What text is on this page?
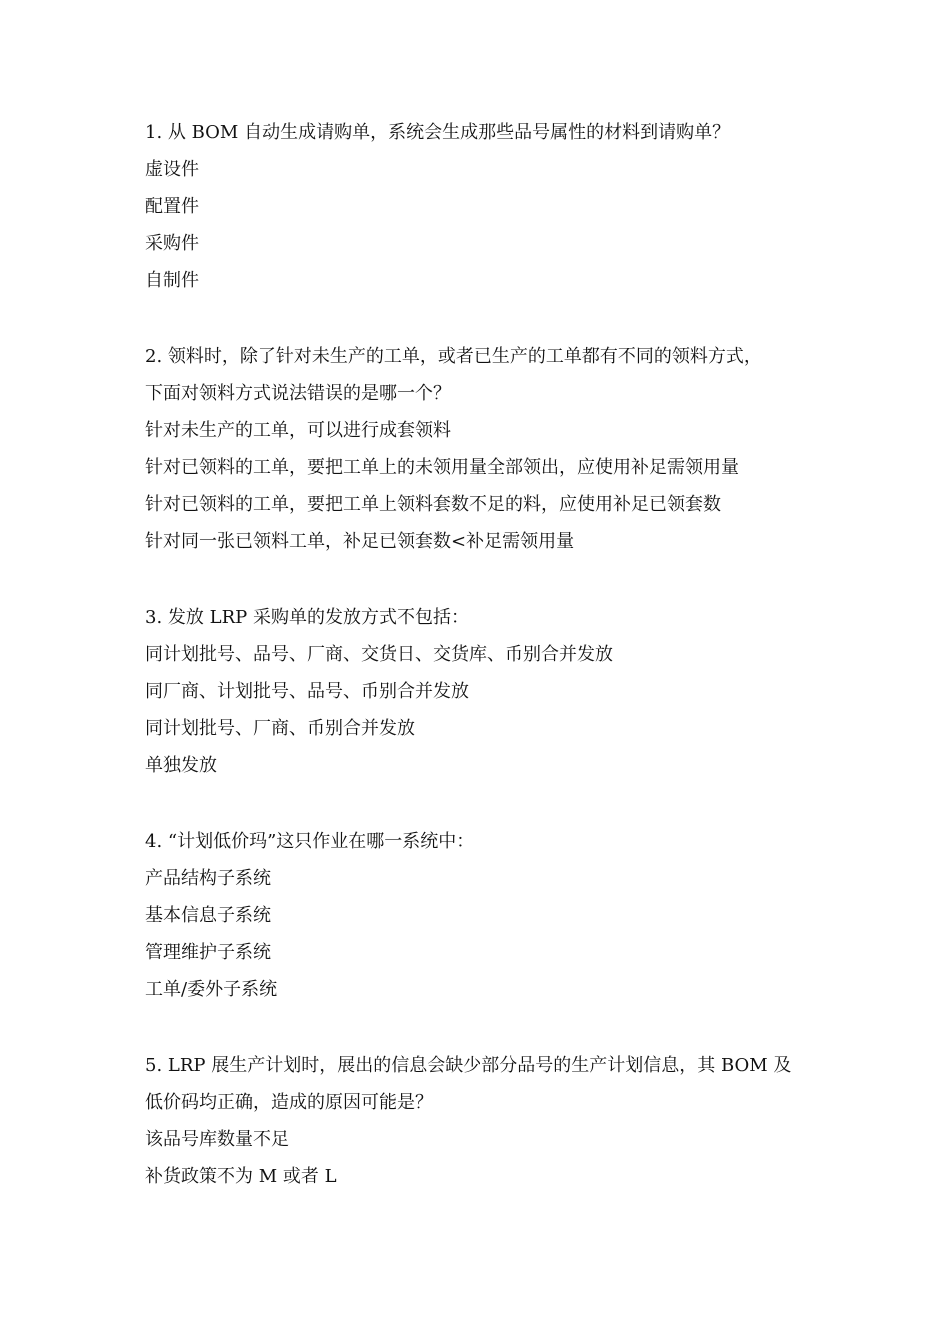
1. 从 BOM 自动生成请购单，系统会生成那些品号属性的材料到请购单？
虚设件
配置件
采购件
自制件
2. 领料时，除了针对未生产的工单，或者已生产的工单都有不同的领料方式，
下面对领料方式说法错误的是哪一个？
针对未生产的工单，可以进行成套领料
针对已领料的工单，要把工单上的未领用量全部领出，应使用补足需领用量
针对已领料的工单，要把工单上领料套数不足的料，应使用补足已领套数
针对同一张已领料工单，补足已领套数<补足需领用量
3. 发放 LRP 采购单的发放方式不包括：
同计划批号、品号、厂商、交货日、交货库、币别合并发放
同厂商、计划批号、品号、币别合并发放
同计划批号、厂商、币别合并发放
单独发放
4. “计划低价玛”这只作业在哪一系统中：
产品结构子系统
基本信息子系统
管理维护子系统
工单/委外子系统
5. LRP 展生产计划时，展出的信息会缺少部分品号的生产计划信息，其 BOM 及
低价码均正确，造成的原因可能是？
该品号库数量不足
补货政策不为 M 或者 L
